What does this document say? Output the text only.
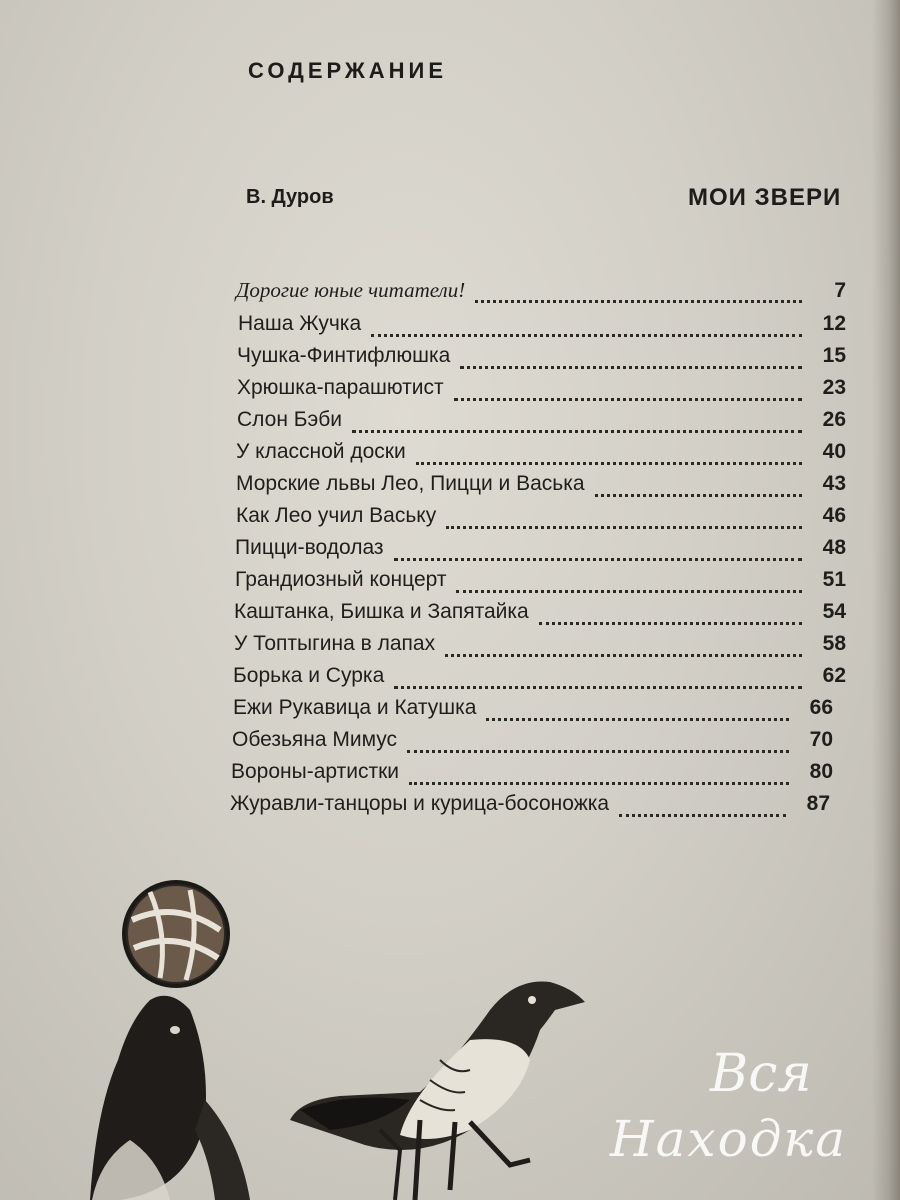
СОДЕРЖАНИЕ
В. Дуров	МОИ ЗВЕРИ
Дорогие юные читатели!	7
Наша Жучка	12
Чушка-Финтифлюшка	15
Хрюшка-парашютист	23
Слон Бэби	26
У классной доски	40
Морские львы Лео, Пицци и Васька	43
Как Лео учил Ваську	46
Пицци-водолаз	48
Грандиозный концерт	51
Каштанка, Бишка и Запятайка	54
У Топтыгина в лапах	58
Борька и Сурка	62
Ежи Рукавица и Катушка	66
Обезьяна Мимус	70
Вороны-артистки	80
Журавли-танцоры и курица-босоножка	87
Вся
Находка
